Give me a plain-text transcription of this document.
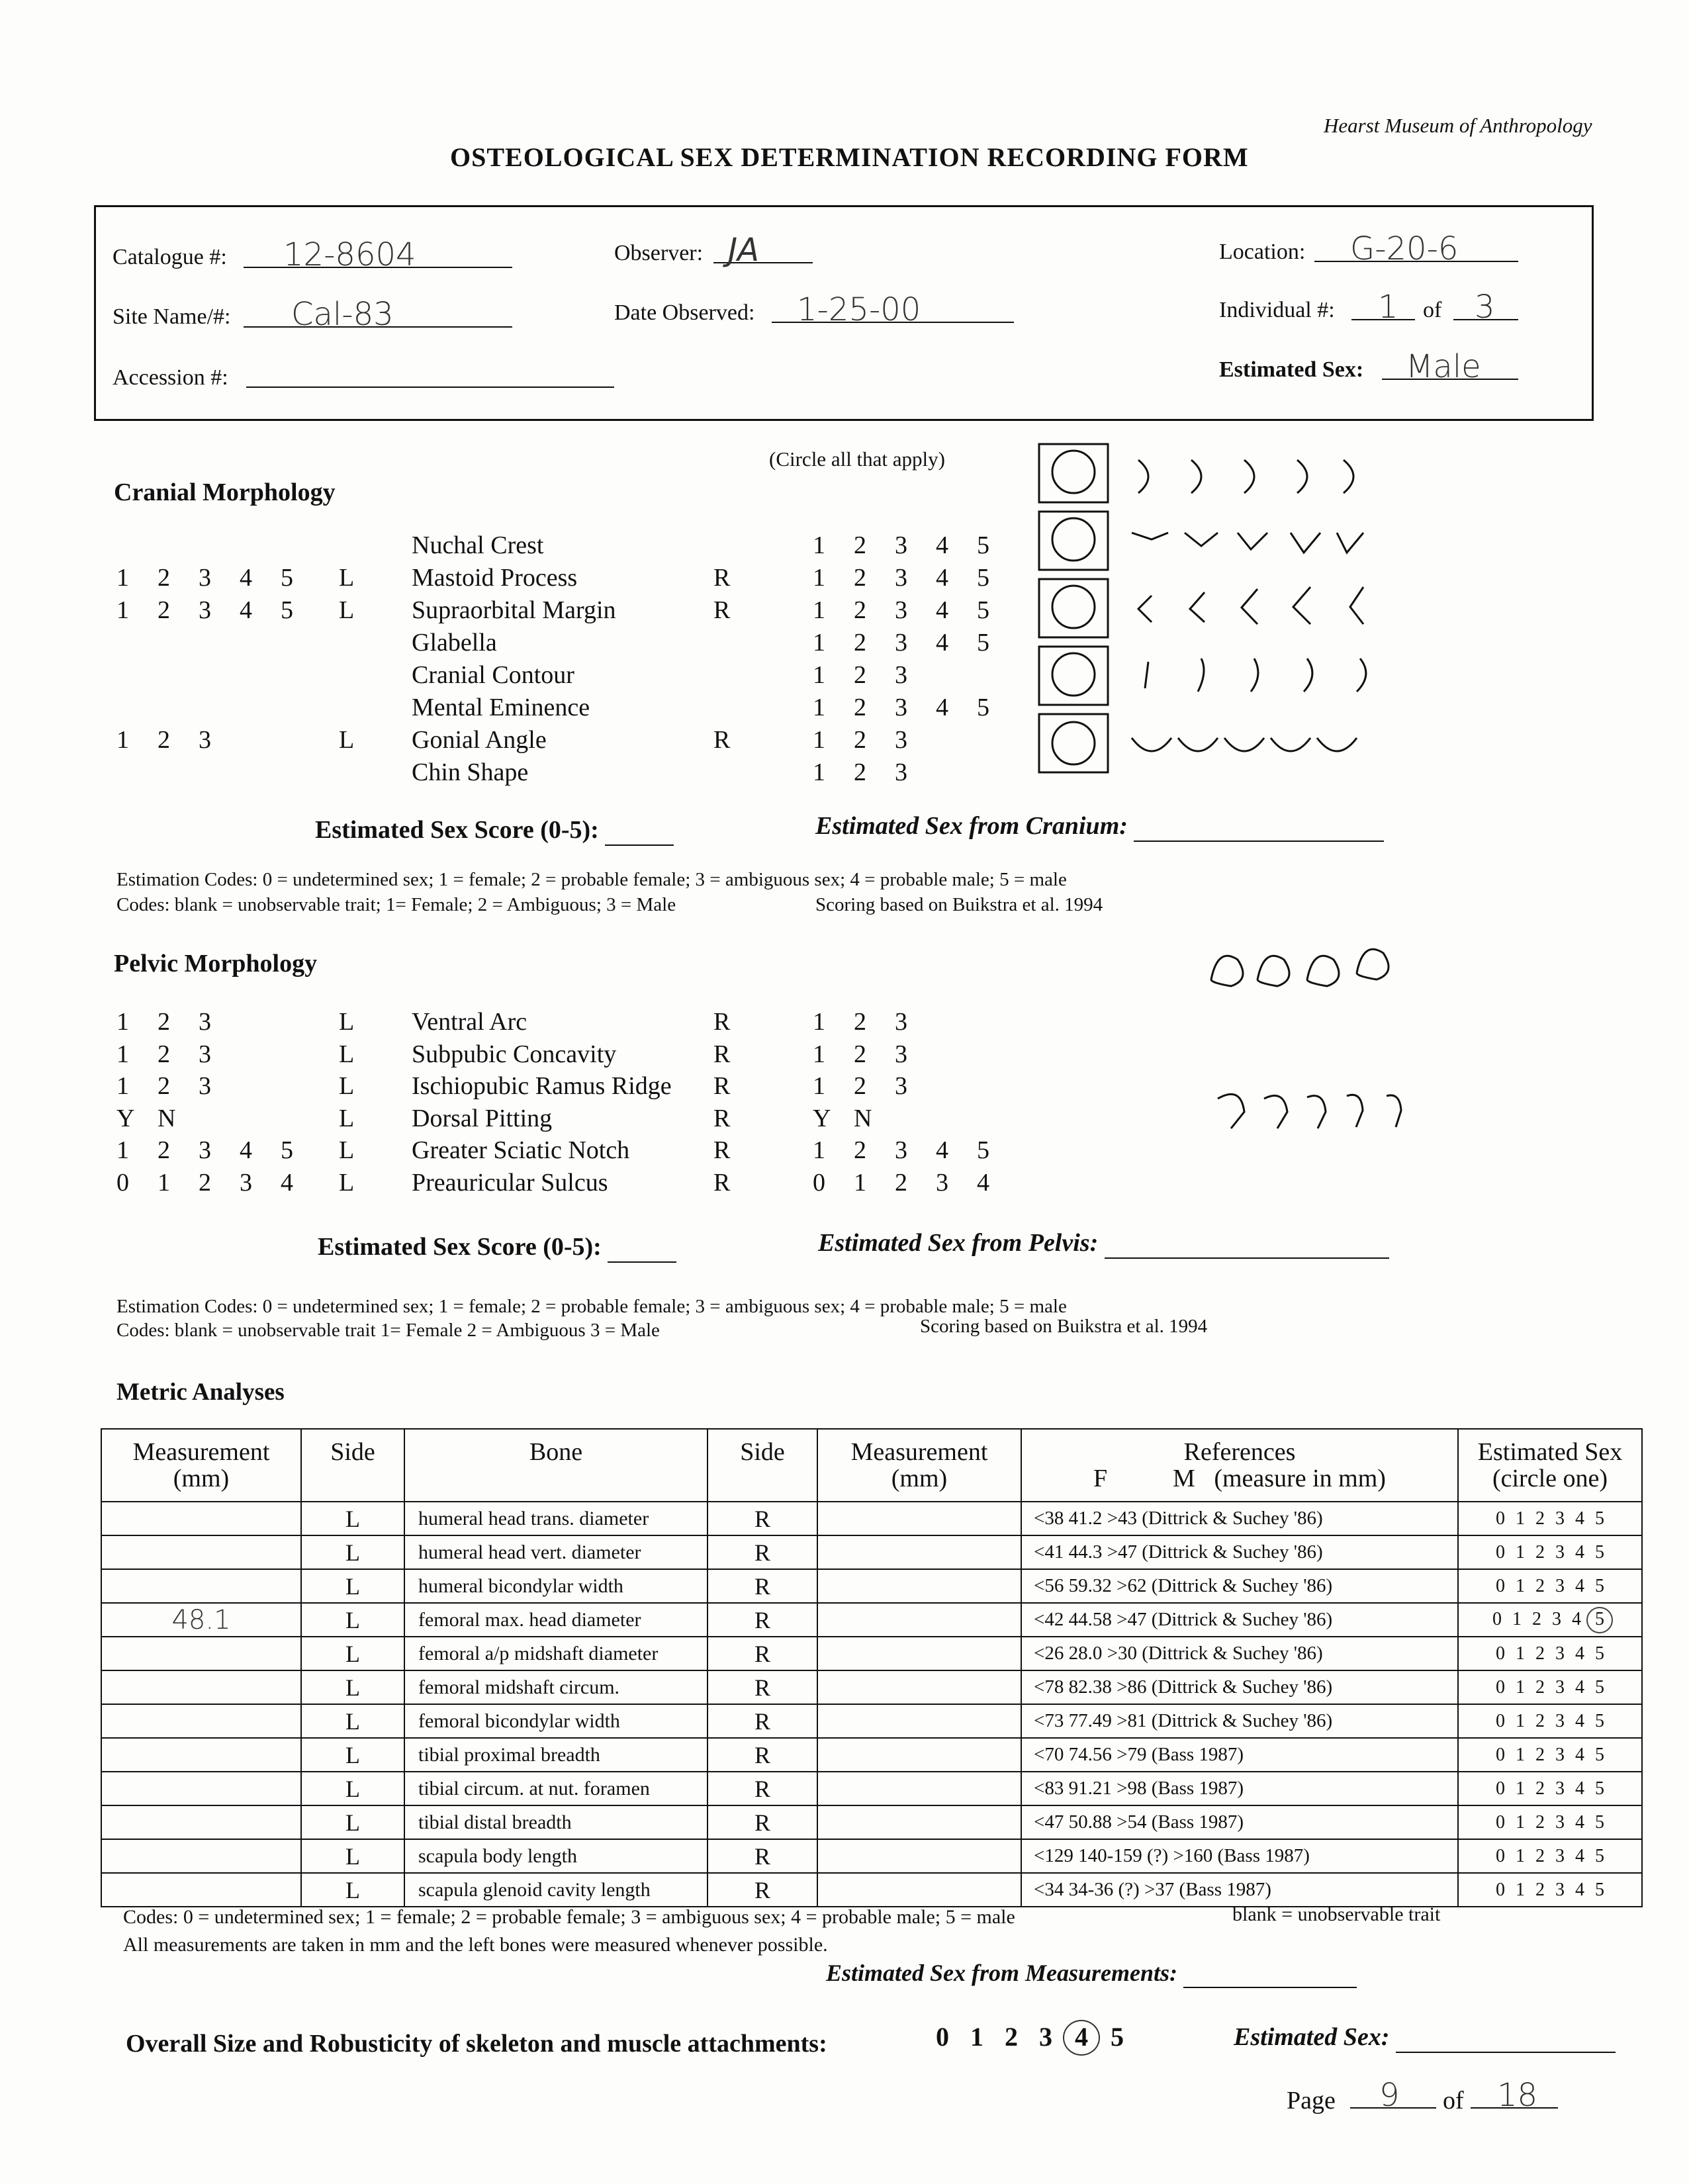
Hearst Museum of Anthropology
OSTEOLOGICAL SEX DETERMINATION RECORDING FORM
Catalogue #: 12-8604	Observer: JA	Location: G-20-6
Site Name/#: Cal-83	Date Observed: 1-25-00	Individual #: 1 of 3
Accession #:	Estimated Sex: Male
Cranial Morphology
(Circle all that apply)
Nuchal Crest	1 2 3 4 5
1 2 3 4 5	L Mastoid Process	R	1 2 3 4 5
1 2 3 4 5	L Supraorbital Margin	R	1 2 3 4 5
Glabella	1 2 3 4 5
Cranial Contour	1 2 3
Mental Eminence	1 2 3 4 5
1 2 3	L Gonial Angle	R	1 2 3
Chin Shape	1 2 3
Estimated Sex Score (0-5):	Estimated Sex from Cranium:
Estimation Codes: 0 = undetermined sex; 1 = female; 2 = probable female; 3 = ambiguous sex; 4 = probable male; 5 = male
Codes: blank = unobservable trait; 1= Female; 2 = Ambiguous; 3 = Male	Scoring based on Buikstra et al. 1994
Pelvic Morphology
1 2 3	L Ventral Arc	R	1 2 3
1 2 3	L Subpubic Concavity	R	1 2 3
1 2 3	L Ischiopubic Ramus Ridge R	1 2 3
Y N	L Dorsal Pitting	R	Y N
1 2 3 4 5	L Greater Sciatic Notch	R	1 2 3 4 5
0 1 2 3 4	L Preauricular Sulcus	R	0 1 2 3 4
Estimated Sex Score (0-5):	Estimated Sex from Pelvis:
Estimation Codes: 0 = undetermined sex; 1 = female; 2 = probable female; 3 = ambiguous sex; 4 = probable male; 5 = male
Codes: blank = unobservable trait 1= Female 2 = Ambiguous 3 = Male	Scoring based on Buikstra et al. 1994
Metric Analyses
Measurement
(mm)	Side	Bone	Side	Measurement
(mm)	References
F M (measure in mm)	Estimated Sex
(circle one)
	L	humeral head trans. diameter	R		<38 41.2 >43 (Dittrick & Suchey '86)	0 1 2 3 4 5
	L	humeral head vert. diameter	R		<41 44.3 >47 (Dittrick & Suchey '86)	0 1 2 3 4 5
	L	humeral bicondylar width	R		<56 59.32 >62 (Dittrick & Suchey '86)	0 1 2 3 4 5
48.1	L	femoral max. head diameter	R		<42 44.58 >47 (Dittrick & Suchey '86)	0 1 2 3 4 5
	L	femoral a/p midshaft diameter	R		<26 28.0 >30 (Dittrick & Suchey '86)	0 1 2 3 4 5
	L	femoral midshaft circum.	R		<78 82.38 >86 (Dittrick & Suchey '86)	0 1 2 3 4 5
	L	femoral bicondylar width	R		<73 77.49 >81 (Dittrick & Suchey '86)	0 1 2 3 4 5
	L	tibial proximal breadth	R		<70 74.56 >79 (Bass 1987)	0 1 2 3 4 5
	L	tibial circum. at nut. foramen	R		<83 91.21 >98 (Bass 1987)	0 1 2 3 4 5
	L	tibial distal breadth	R		<47 50.88 >54 (Bass 1987)	0 1 2 3 4 5
	L	scapula body length	R		<129 140-159 (?) >160 (Bass 1987)	0 1 2 3 4 5
	L	scapula glenoid cavity length	R		<34 34-36 (?) >37 (Bass 1987)	0 1 2 3 4 5
Codes: 0 = undetermined sex; 1 = female; 2 = probable female; 3 = ambiguous sex; 4 = probable male; 5 = male	blank = unobservable trait
All measurements are taken in mm and the left bones were measured whenever possible.
Estimated Sex from Measurements:
Overall Size and Robusticity of skeleton and muscle attachments:	0 1 2 3 4 5	Estimated Sex:
Page 9 of 18
